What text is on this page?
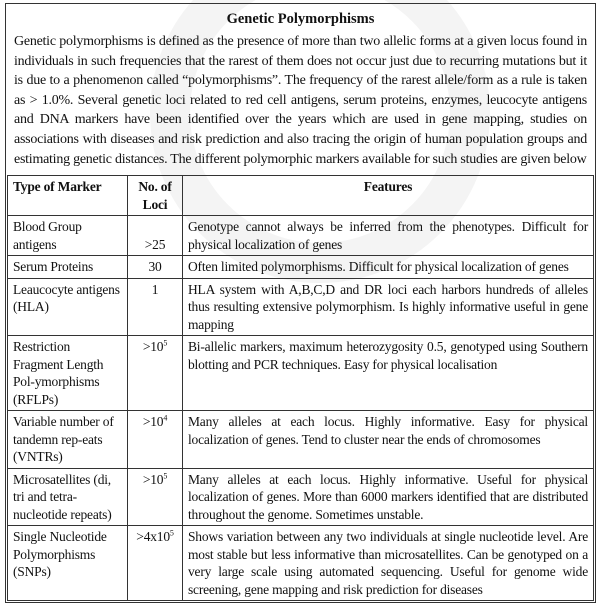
Genetic Polymorphisms
Genetic polymorphisms is defined as the presence of more than two allelic forms at a given locus found in individuals in such frequencies that the rarest of them does not occur just due to recurring mutations but it is due to a phenomenon called “polymorphisms”. The frequency of the rarest allele/form as a rule is taken as > 1.0%. Several genetic loci related to red cell antigens, serum proteins, enzymes, leucocyte antigens and DNA markers have been identified over the years which are used in gene mapping, studies on associations with diseases and risk prediction and also tracing the origin of human population groups and estimating genetic distances. The different polymorphic markers available for such studies are given below
Type of Marker	No. of Loci	Features
Blood Group antigens	>25	Genotype cannot always be inferred from the phenotypes. Difficult for physical localization of genes
Serum Proteins	30	Often limited polymorphisms. Difficult for physical localization of genes
Leaucocyte antigens (HLA)	1	HLA system with A,B,C,D and DR loci each harbors hundreds of alleles thus resulting extensive polymorphism. Is highly informative useful in gene mapping
Restriction Fragment Length Pol-ymorphisms (RFLPs)	$>10^5$	Bi-allelic markers, maximum heterozygosity 0.5, genotyped using Southern blotting and PCR techniques. Easy for physical localisation
Variable number of tandemn rep-eats (VNTRs)	$>10^4$	Many alleles at each locus. Highly informative. Easy for physical localization of genes. Tend to cluster near the ends of chromosomes
Microsatellites (di, tri and tetra-nucleotide repeats)	$>10^5$	Many alleles at each locus. Highly informative. Useful for physical localization of genes. More than 6000 markers identified that are distributed throughout the genome. Sometimes unstable.
Single Nucleotide Polymorphisms (SNPs)	$>4x10^5$	Shows variation between any two individuals at single nucleotide level. Are most stable but less informative than microsatellites. Can be genotyped on a very large scale using automated sequencing. Useful for genome wide screening, gene mapping and risk prediction for diseases
